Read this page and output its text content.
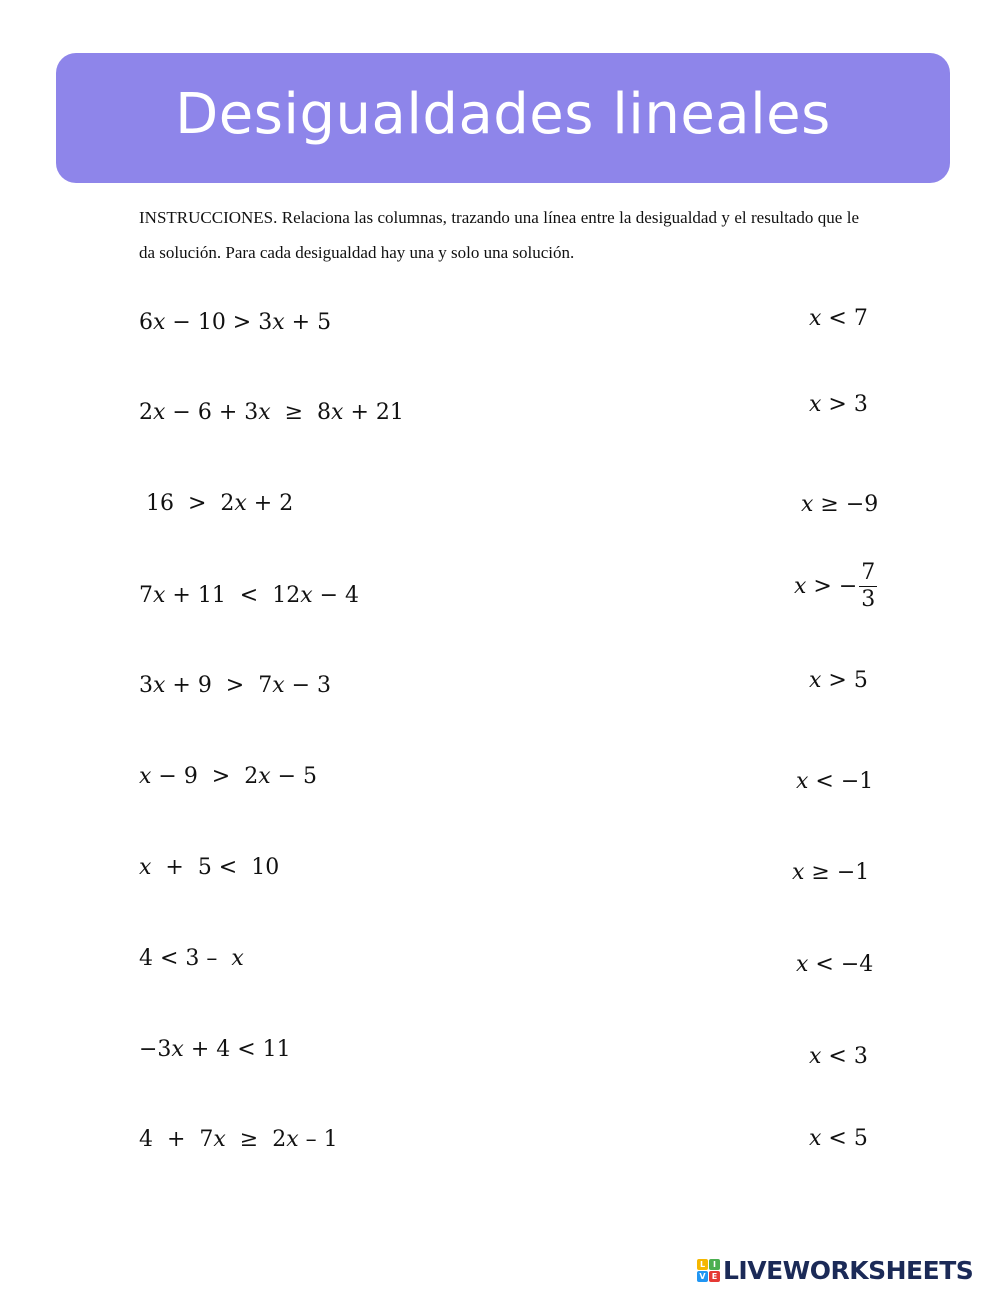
Desigualdades lineales
INSTRUCCIONES. Relaciona las columnas, trazando una línea entre la desigualdad y el resultado que le da solución. Para cada desigualdad hay una y solo una solución.
6𝑥 − 10 > 3𝑥 + 5
2𝑥 − 6 + 3𝑥  ≥  8𝑥 + 21
16  >  2𝑥 + 2
7𝑥 + 11  <  12𝑥 − 4
3𝑥 + 9  >  7𝑥 − 3
𝑥 − 9  >  2𝑥 − 5
𝑥  +  5 <  10
4 < 3 –  𝑥
−3𝑥 + 4 < 11
4  +  7𝑥  ≥  2𝑥 – 1
𝑥 < 7
𝑥 > 3
𝑥 ≥ −9
𝑥 > − $\frac{7}{3}$
𝑥 > 5
𝑥 < −1
𝑥 ≥ −1
𝑥 < −4
𝑥 < 3
𝑥 < 5
L I
V E LIVEWORKSHEETS
